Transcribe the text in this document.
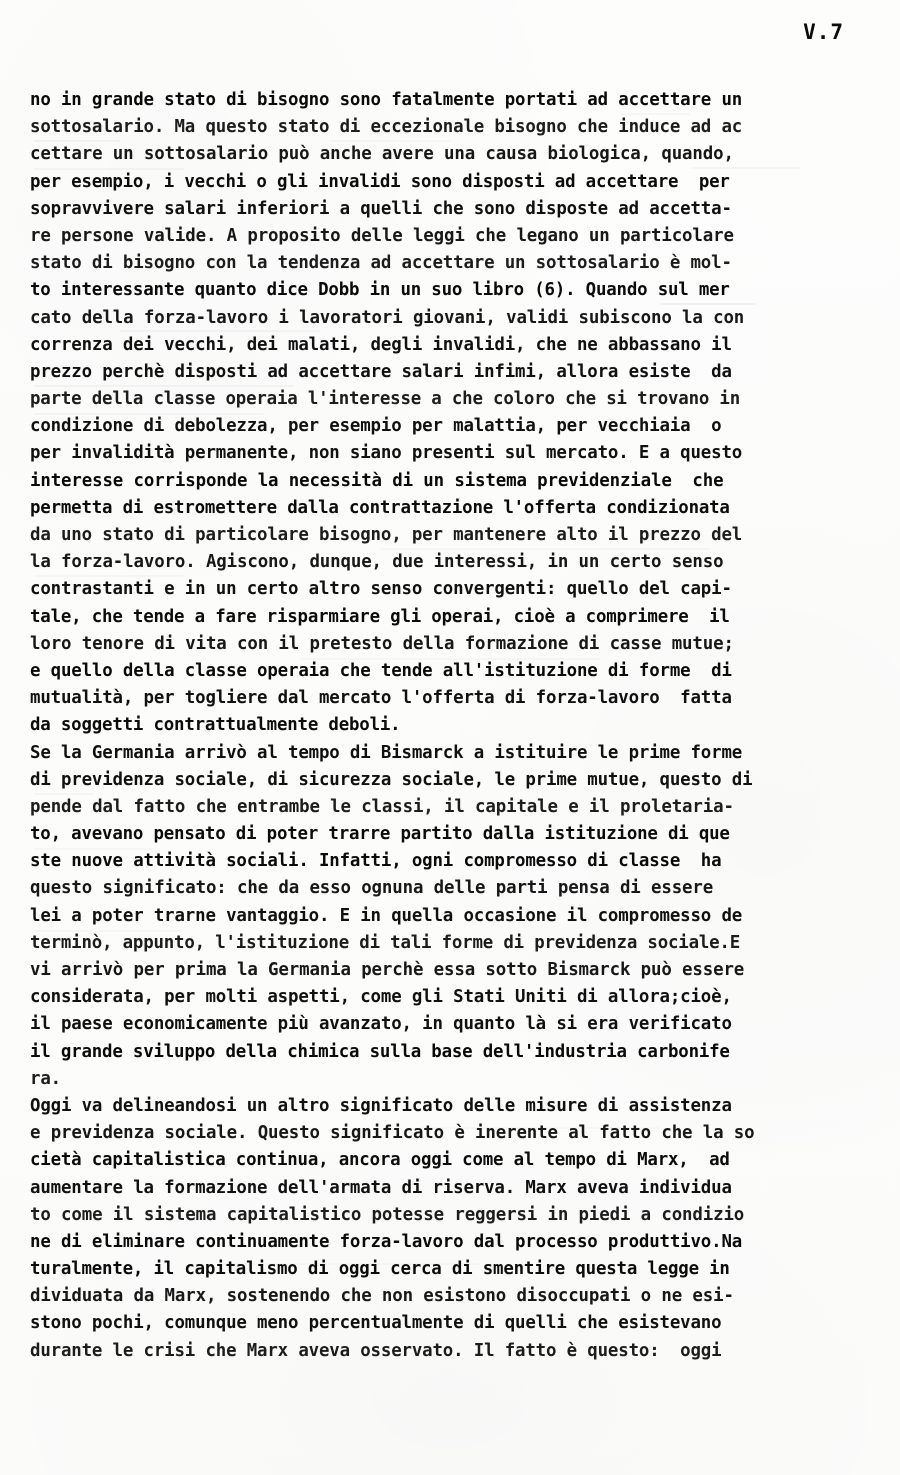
V.7
no in grande stato di bisogno sono fatalmente portati ad accettare un
sottosalario. Ma questo stato di eccezionale bisogno che induce ad ac
cettare un sottosalario può anche avere una causa biologica, quando,
per esempio, i vecchi o gli invalidi sono disposti ad accettare  per
sopravvivere salari inferiori a quelli che sono disposte ad accetta-
re persone valide. A proposito delle leggi che legano un particolare
stato di bisogno con la tendenza ad accettare un sottosalario è mol-
to interessante quanto dice Dobb in un suo libro (6). Quando sul mer
cato della forza-lavoro i lavoratori giovani, validi subiscono la con
correnza dei vecchi, dei malati, degli invalidi, che ne abbassano il
prezzo perchè disposti ad accettare salari infimi, allora esiste  da
parte della classe operaia l'interesse a che coloro che si trovano in
condizione di debolezza, per esempio per malattia, per vecchiaia  o
per invalidità permanente, non siano presenti sul mercato. E a questo
interesse corrisponde la necessità di un sistema previdenziale  che
permetta di estromettere dalla contrattazione l'offerta condizionata
da uno stato di particolare bisogno, per mantenere alto il prezzo del
la forza-lavoro. Agiscono, dunque, due interessi, in un certo senso
contrastanti e in un certo altro senso convergenti: quello del capi-
tale, che tende a fare risparmiare gli operai, cioè a comprimere  il
loro tenore di vita con il pretesto della formazione di casse mutue;
e quello della classe operaia che tende all'istituzione di forme  di
mutualità, per togliere dal mercato l'offerta di forza-lavoro  fatta
da soggetti contrattualmente deboli.
Se la Germania arrivò al tempo di Bismarck a istituire le prime forme
di previdenza sociale, di sicurezza sociale, le prime mutue, questo di
pende dal fatto che entrambe le classi, il capitale e il proletaria-
to, avevano pensato di poter trarre partito dalla istituzione di que
ste nuove attività sociali. Infatti, ogni compromesso di classe  ha
questo significato: che da esso ognuna delle parti pensa di essere
lei a poter trarne vantaggio. E in quella occasione il compromesso de
terminò, appunto, l'istituzione di tali forme di previdenza sociale.E
vi arrivò per prima la Germania perchè essa sotto Bismarck può essere
considerata, per molti aspetti, come gli Stati Uniti di allora;cioè,
il paese economicamente più avanzato, in quanto là si era verificato
il grande sviluppo della chimica sulla base dell'industria carbonife
ra.
Oggi va delineandosi un altro significato delle misure di assistenza
e previdenza sociale. Questo significato è inerente al fatto che la so
cietà capitalistica continua, ancora oggi come al tempo di Marx,  ad
aumentare la formazione dell'armata di riserva. Marx aveva individua
to come il sistema capitalistico potesse reggersi in piedi a condizio
ne di eliminare continuamente forza-lavoro dal processo produttivo.Na
turalmente, il capitalismo di oggi cerca di smentire questa legge in
dividuata da Marx, sostenendo che non esistono disoccupati o ne esi-
stono pochi, comunque meno percentualmente di quelli che esistevano
durante le crisi che Marx aveva osservato. Il fatto è questo:  oggi
